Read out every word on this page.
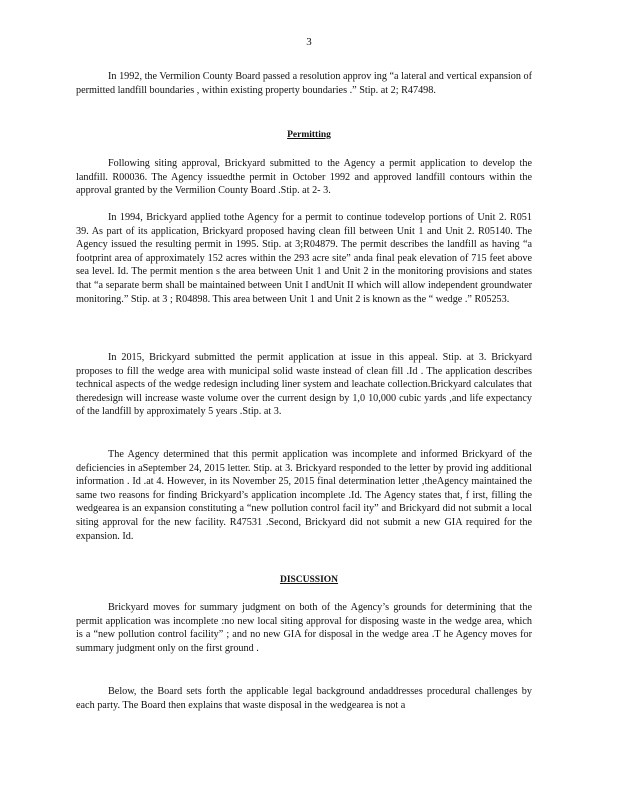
3

In 1992, the Vermilion County Board passed a resolution approv ing “a lateral and vertical expansion of permitted landfill boundaries , within existing property boundaries .” Stip. at 2; R47498.

Permitting

Following siting approval, Brickyard submitted to the Agency a permit application to develop the landfill. R00036. The Agency issuedthe permit in October 1992 and approved landfill contours within the approval granted by the Vermilion County Board .Stip. at 2- 3.

In 1994, Brickyard applied tothe Agency for a permit to continue todevelop portions of Unit 2. R051 39. As part of its application, Brickyard proposed having clean fill between Unit 1 and Unit 2. R05140. The Agency issued the resulting permit in 1995. Stip. at 3;R04879. The permit describes the landfill as having “a footprint area of approximately 152 acres within the 293 acre site” anda final peak elevation of 715 feet above sea level. Id. The permit mention s the area between Unit 1 and Unit 2 in the monitoring provisions and states that “a separate berm shall be maintained between Unit I andUnit II which will allow independent groundwater monitoring.” Stip. at 3 ; R04898. This area between Unit 1 and Unit 2 is known as the “ wedge .” R05253.

In 2015, Brickyard submitted the permit application at issue in this appeal. Stip. at 3. Brickyard proposes to fill the wedge area with municipal solid waste instead of clean fill .Id . The application describes technical aspects of the wedge redesign including liner system and leachate collection.Brickyard calculates that theredesign will increase waste volume over the current design by 1,0 10,000 cubic yards ,and life expectancy of the landfill by approximately 5 years .Stip. at 3.

The Agency determined that this permit application was incomplete and informed Brickyard of the deficiencies in aSeptember 24, 2015 letter. Stip. at 3. Brickyard responded to the letter by provid ing additional information . Id .at 4. However, in its November 25, 2015 final determination letter ,theAgency maintained the same two reasons for finding Brickyard’s application incomplete .Id. The Agency states that, f irst, filling the wedgearea is an expansion constituting a “new pollution control facil ity” and Brickyard did not submit a local siting approval for the new facility. R47531 .Second, Brickyard did not submit a new GIA required for the expansion. Id.

DISCUSSION

Brickyard moves for summary judgment on both of the Agency’s grounds for determining that the permit application was incomplete :no new local siting approval for disposing waste in the wedge area, which is a “new pollution control facility” ; and no new GIA for disposal in the wedge area .T he Agency moves for summary judgment only on the first ground .

Below, the Board sets forth the applicable legal background andaddresses procedural challenges by each party. The Board then explains that waste disposal in the wedgearea is not a
